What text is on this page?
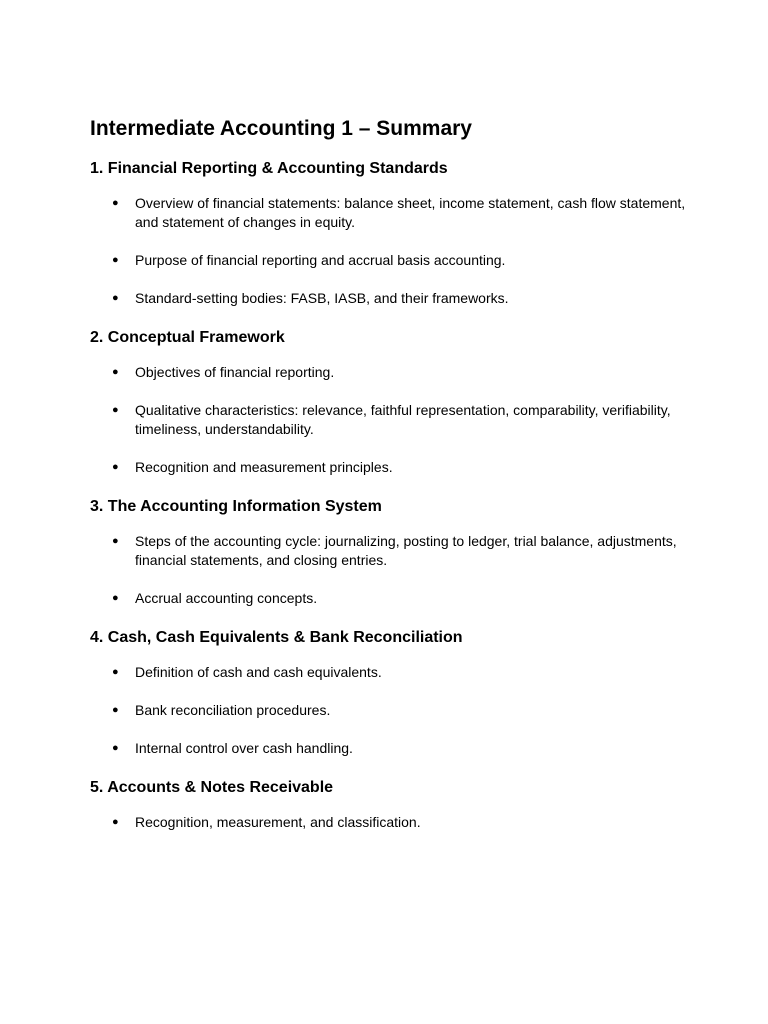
Intermediate Accounting 1 – Summary
1. Financial Reporting & Accounting Standards
● Overview of financial statements: balance sheet, income statement, cash flow statement, and statement of changes in equity.
● Purpose of financial reporting and accrual basis accounting.
● Standard-setting bodies: FASB, IASB, and their frameworks.
2. Conceptual Framework
● Objectives of financial reporting.
● Qualitative characteristics: relevance, faithful representation, comparability, verifiability, timeliness, understandability.
● Recognition and measurement principles.
3. The Accounting Information System
● Steps of the accounting cycle: journalizing, posting to ledger, trial balance, adjustments, financial statements, and closing entries.
● Accrual accounting concepts.
4. Cash, Cash Equivalents & Bank Reconciliation
● Definition of cash and cash equivalents.
● Bank reconciliation procedures.
● Internal control over cash handling.
5. Accounts & Notes Receivable
● Recognition, measurement, and classification.
